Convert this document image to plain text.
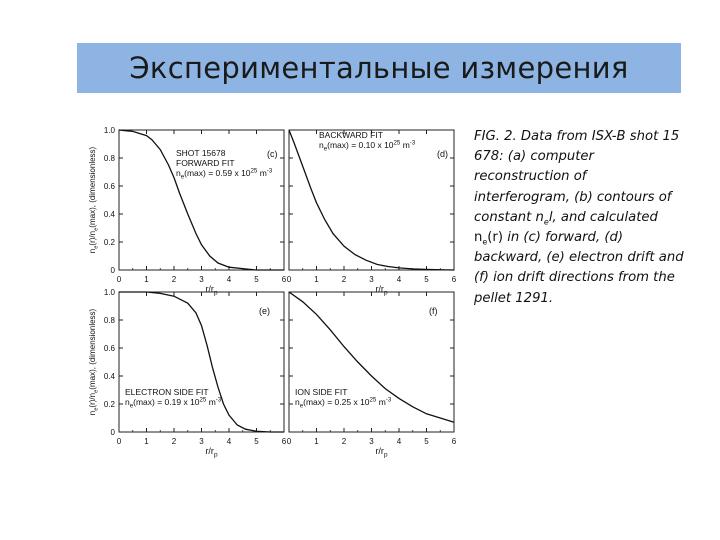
Экспериментальные измерения
0	1	2	3	4	5	6
0
0.2
0.4
0.6
0.8
1.0
(c)
SHOT 15678
FORWARD FIT
$n_e(\max) = 0.59$ x $10^{25}$ $m^{-3}$
$r/r_p$
$n_e(r)/n_e(\max)$, (dimensionless)
0	1	2	3	4	5	6
(d)
BACKWARD FIT
$n_e(\max) = 0.10$ x $10^{25}$ $m^{-3}$
$r/r_p$
0	1	2	3	4	5	6
0
0.2
0.4
0.6
0.8
1.0
(e)
ELECTRON SIDE FIT
$n_e(\max) = 0.19$ x $10^{25}$ $m^{-3}$
$r/r_p$
$n_e(r)/n_e(\max)$, (dimensionless)
0	1	2	3	4	5	6
(f)
ION SIDE FIT
$n_e(\max) = 0.25$ x $10^{25}$ $m^{-3}$
$r/r_p$
FIG. 2. Data from ISX-B shot 15 678: (a) computer reconstruction of interferogram, (b) contours of constant $n_el$, and calculated $n_e(r)$ in (c) forward, (d) backward, (e) electron drift and (f) ion drift directions from the pellet 1291.
